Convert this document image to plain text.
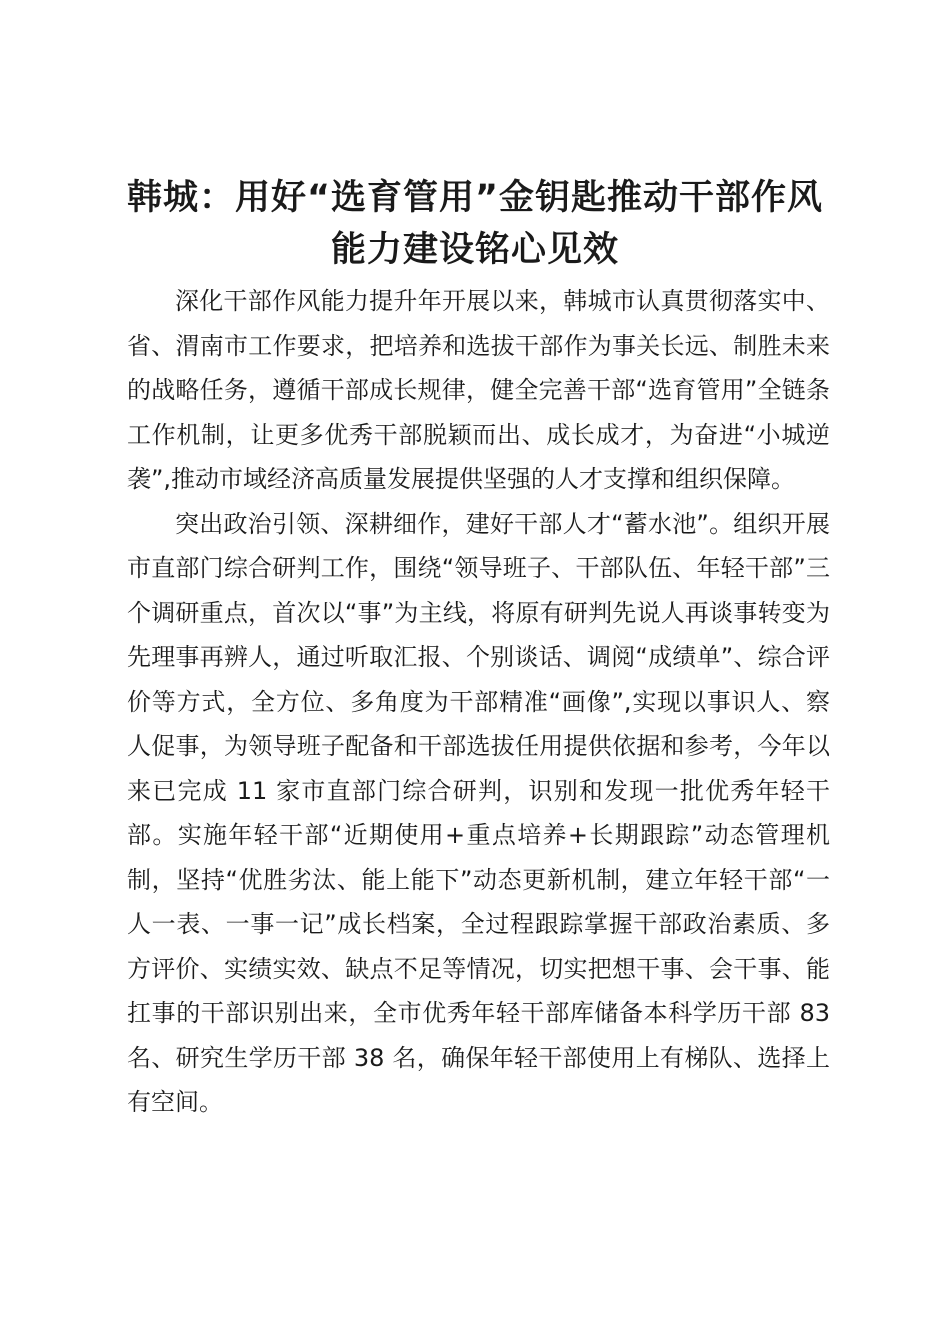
韩城：用好“选育管用”金钥匙推动干部作风能力建设铭心见效

深化干部作风能力提升年开展以来，韩城市认真贯彻落实中、省、渭南市工作要求，把培养和选拔干部作为事关长远、制胜未来的战略任务，遵循干部成长规律，健全完善干部“选育管用”全链条工作机制，让更多优秀干部脱颖而出、成长成才，为奋进“小城逆袭”,推动市域经济高质量发展提供坚强的人才支撑和组织保障。

突出政治引领、深耕细作，建好干部人才“蓄水池”。组织开展市直部门综合研判工作，围绕“领导班子、干部队伍、年轻干部”三个调研重点，首次以“事”为主线，将原有研判先说人再谈事转变为先理事再辨人，通过听取汇报、个别谈话、调阅“成绩单”、综合评价等方式，全方位、多角度为干部精准“画像”,实现以事识人、察人促事，为领导班子配备和干部选拔任用提供依据和参考，今年以来已完成 11 家市直部门综合研判，识别和发现一批优秀年轻干部。实施年轻干部“近期使用+重点培养+长期跟踪”动态管理机制，坚持“优胜劣汰、能上能下”动态更新机制，建立年轻干部“一人一表、一事一记”成长档案，全过程跟踪掌握干部政治素质、多方评价、实绩实效、缺点不足等情况，切实把想干事、会干事、能扛事的干部识别出来，全市优秀年轻干部库储备本科学历干部 83 名、研究生学历干部 38 名，确保年轻干部使用上有梯队、选择上有空间。
